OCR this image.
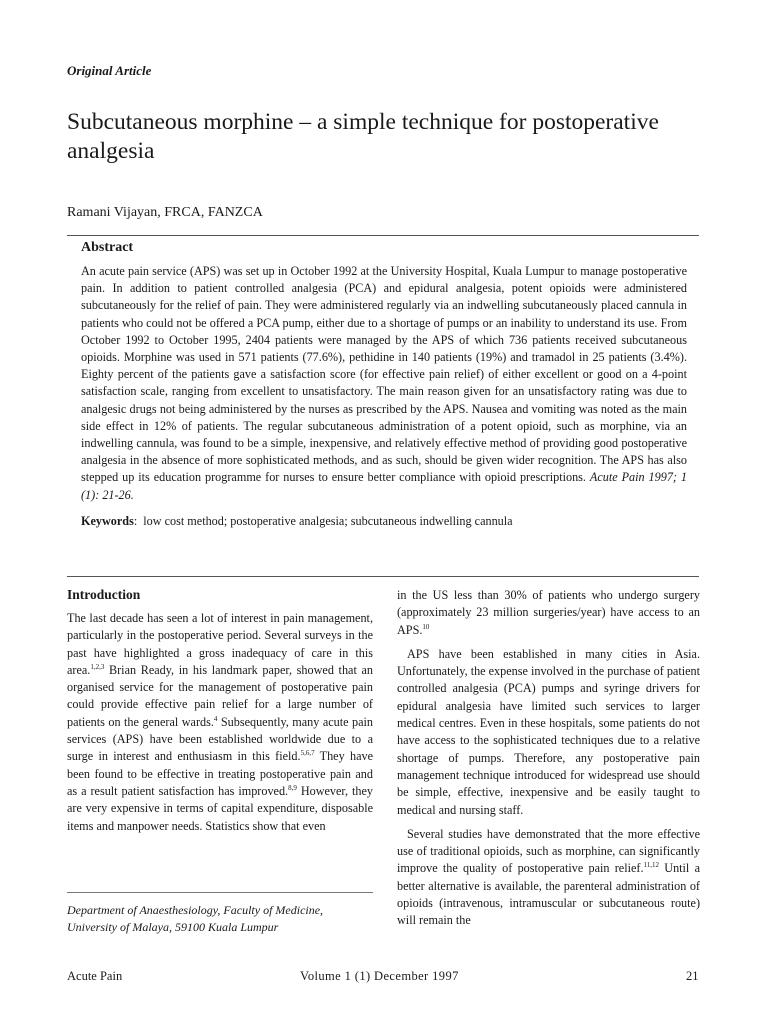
Original Article
Subcutaneous morphine – a simple technique for postoperative analgesia
Ramani Vijayan, FRCA, FANZCA
Abstract

An acute pain service (APS) was set up in October 1992 at the University Hospital, Kuala Lumpur to manage postoperative pain. In addition to patient controlled analgesia (PCA) and epidural analgesia, potent opioids were administered subcutaneously for the relief of pain. They were administered regularly via an indwelling subcutaneously placed cannula in patients who could not be offered a PCA pump, either due to a shortage of pumps or an inability to understand its use. From October 1992 to October 1995, 2404 patients were managed by the APS of which 736 patients received subcutaneous opioids. Morphine was used in 571 patients (77.6%), pethidine in 140 patients (19%) and tramadol in 25 patients (3.4%). Eighty percent of the patients gave a satisfaction score (for effective pain relief) of either excellent or good on a 4-point satisfaction scale, ranging from excellent to unsatisfactory. The main reason given for an unsatisfactory rating was due to analgesic drugs not being administered by the nurses as prescribed by the APS. Nausea and vomiting was noted as the main side effect in 12% of patients. The regular subcutaneous administration of a potent opioid, such as morphine, via an indwelling cannula, was found to be a simple, inexpensive, and relatively effective method of providing good postoperative analgesia in the absence of more sophisticated methods, and as such, should be given wider recognition. The APS has also stepped up its education programme for nurses to ensure better compliance with opioid prescriptions. Acute Pain 1997; 1 (1): 21-26.

Keywords:  low cost method; postoperative analgesia; subcutaneous indwelling cannula

Introduction

The last decade has seen a lot of interest in pain management, particularly in the postoperative period. Several surveys in the past have highlighted a gross inadequacy of care in this area.$^{1,2,3}$ Brian Ready, in his landmark paper, showed that an organised service for the management of postoperative pain could provide effective pain relief for a large number of patients on the general wards.$^4$ Subsequently, many acute pain services (APS) have been established worldwide due to a surge in interest and enthusiasm in this field.$^{5,6,7}$ They have been found to be effective in treating postoperative pain and as a result patient satisfaction has improved.$^{8,9}$ However, they are very expensive in terms of capital expenditure, disposable items and manpower needs. Statistics show that even

Department of Anaesthesiology, Faculty of Medicine,
University of Malaya, 59100 Kuala Lumpur

in the US less than 30% of patients who undergo surgery (approximately 23 million surgeries/year) have access to an APS.$^{10}$

APS have been established in many cities in Asia. Unfortunately, the expense involved in the purchase of patient controlled analgesia (PCA) pumps and syringe drivers for epidural analgesia have limited such services to larger medical centres. Even in these hospitals, some patients do not have access to the sophisticated techniques due to a relative shortage of pumps. Therefore, any postoperative pain management technique introduced for widespread use should be simple, effective, inexpensive and be easily taught to medical and nursing staff.

Several studies have demonstrated that the more effective use of traditional opioids, such as morphine, can significantly improve the quality of postoperative pain relief.$^{11,12}$ Until a better alternative is available, the parenteral administration of opioids (intravenous, intramuscular or subcutaneous route) will remain the

Acute Pain	Volume 1 (1) December 1997	21
